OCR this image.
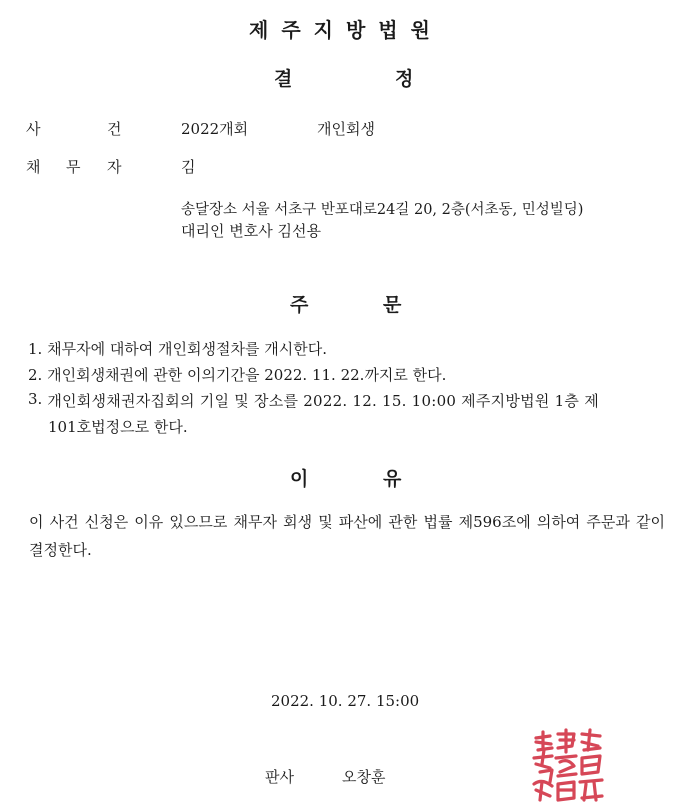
제주지방법원
결	정
사	건	2022개회	개인회생
채 무 자	김
송달장소 서울 서초구 반포대로24길 20, 2층(서초동, 민성빌딩)
대리인 변호사 김선용
주	문
1. 채무자에 대하여 개인회생절차를 개시한다.
2. 개인회생채권에 관한 이의기간을 2022. 11. 22.까지로 한다.
3. 개인회생채권자집회의 기일 및 장소를 2022. 12. 15. 10:00 제주지방법원 1층 제
101호법정으로 한다.
이	유
이 사건 신청은 이유 있으므로 채무자 회생 및 파산에 관한 법률 제596조에 의하여 주문과 같이 결정한다.
2022. 10. 27. 15:00
판사	오창훈
